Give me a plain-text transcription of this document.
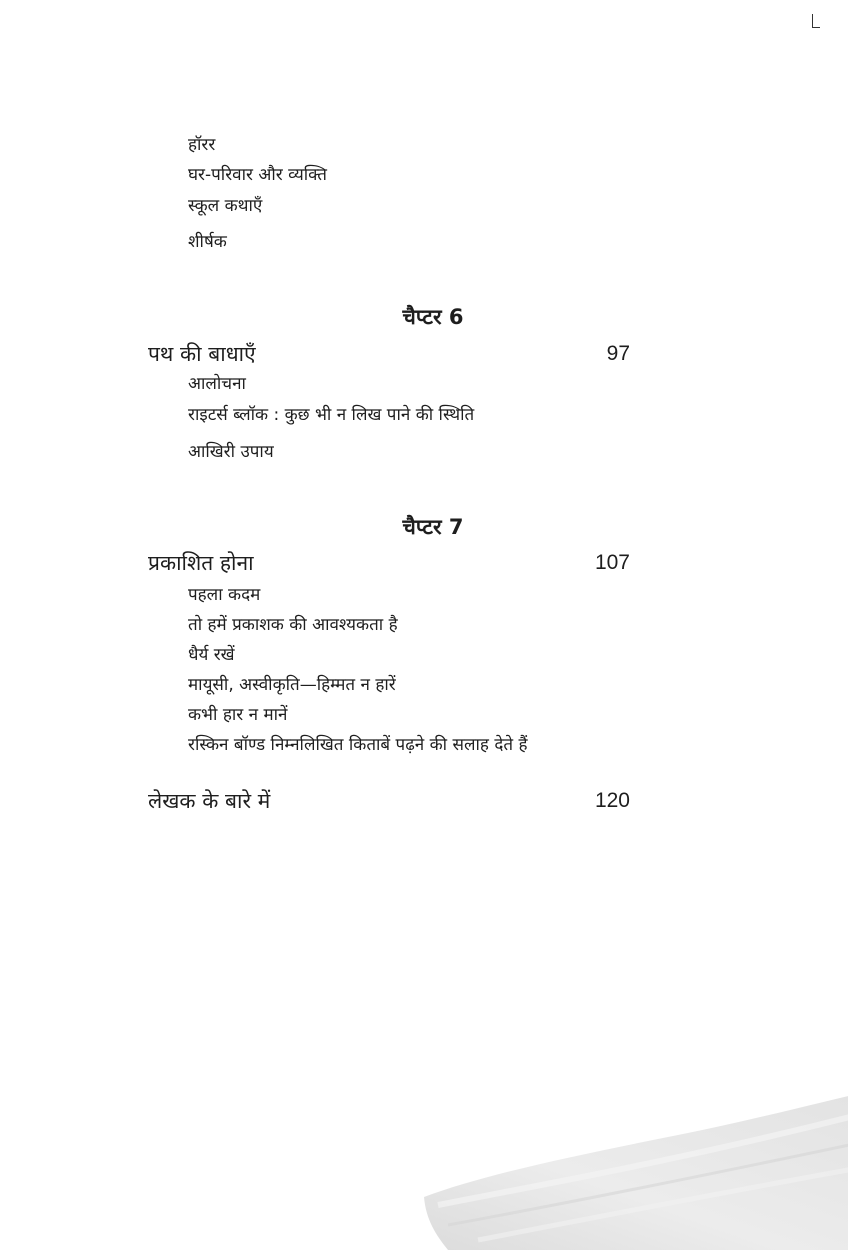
हॉरर
घर-परिवार और व्यक्ति
स्कूल कथाएँ
शीर्षक
चैप्टर 6
पथ की बाधाएँ	97
आलोचना
राइटर्स ब्लॉक : कुछ भी न लिख पाने की स्थिति
आखिरी उपाय
चैप्टर 7
प्रकाशित होना	107
पहला कदम
तो हमें प्रकाशक की आवश्यकता है
धैर्य रखें
मायूसी, अस्वीकृति—हिम्मत न हारें
कभी हार न मानें
रस्किन बॉण्ड निम्नलिखित किताबें पढ़ने की सलाह देते हैं
लेखक के बारे में	120
